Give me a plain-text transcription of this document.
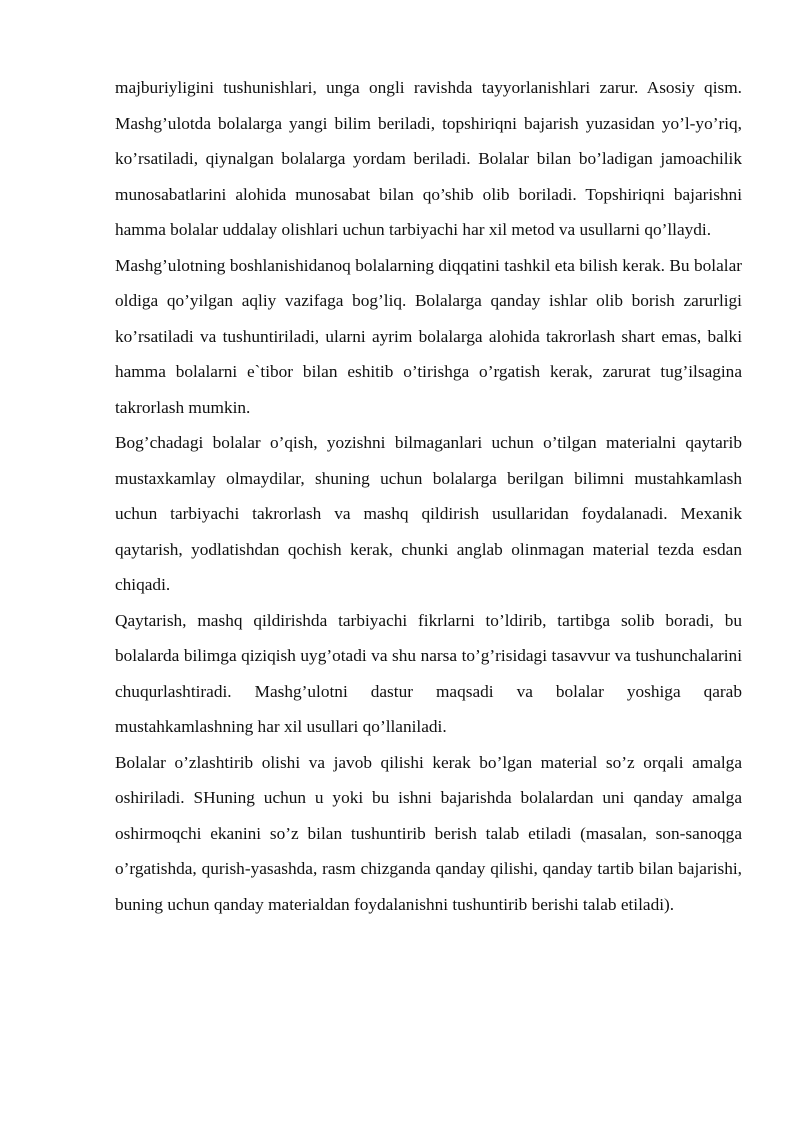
majburiyligini tushunishlari, unga ongli ravishda tayyorlanishlari zarur. Asosiy qism. Mashg’ulotda bolalarga yangi bilim beriladi, topshiriqni bajarish yuzasidan yo’l-yo’riq, ko’rsatiladi, qiynalgan bolalarga yordam beriladi. Bolalar bilan bo’ladigan jamoachilik munosabatlarini alohida munosabat bilan qo’shib olib boriladi. Topshiriqni bajarishni hamma bolalar uddalay olishlari uchun tarbiyachi har xil metod va usullarni qo’llaydi.

Mashg’ulotning boshlanishidanoq bolalarning diqqatini tashkil eta bilish kerak. Bu bolalar oldiga qo’yilgan aqliy vazifaga bog’liq. Bolalarga qanday ishlar olib borish zarurligi ko’rsatiladi va tushuntiriladi, ularni ayrim bolalarga alohida takrorlash shart emas, balki hamma bolalarni e`tibor bilan eshitib o’tirishga o’rgatish kerak, zarurat tug’ilsagina takrorlash mumkin.

Bog’chadagi bolalar o’qish, yozishni bilmaganlari uchun o’tilgan materialni qaytarib mustaxkamlay olmaydilar, shuning uchun bolalarga berilgan bilimni mustahkamlash uchun tarbiyachi takrorlash va mashq qildirish usullaridan foydalanadi. Mexanik qaytarish, yodlatishdan qochish kerak, chunki anglab olinmagan material tezda esdan chiqadi.

Qaytarish, mashq qildirishda tarbiyachi fikrlarni to’ldirib, tartibga solib boradi, bu bolalarda bilimga qiziqish uyg’otadi va shu narsa to’g’risidagi tasavvur va tushunchalarini chuqurlashtiradi. Mashg’ulotni dastur maqsadi va bolalar yoshiga qarab mustahkamlashning har xil usullari qo’llaniladi.

Bolalar o’zlashtirib olishi va javob qilishi kerak bo’lgan material so’z orqali amalga oshiriladi. SHuning uchun u yoki bu ishni bajarishda bolalardan uni qanday amalga oshirmoqchi ekanini so’z bilan tushuntirib berish talab etiladi (masalan, son-sanoqga o’rgatishda, qurish-yasashda, rasm chizganda qanday qilishi, qanday tartib bilan bajarishi, buning uchun qanday materialdan foydalanishni tushuntirib berishi talab etiladi).
